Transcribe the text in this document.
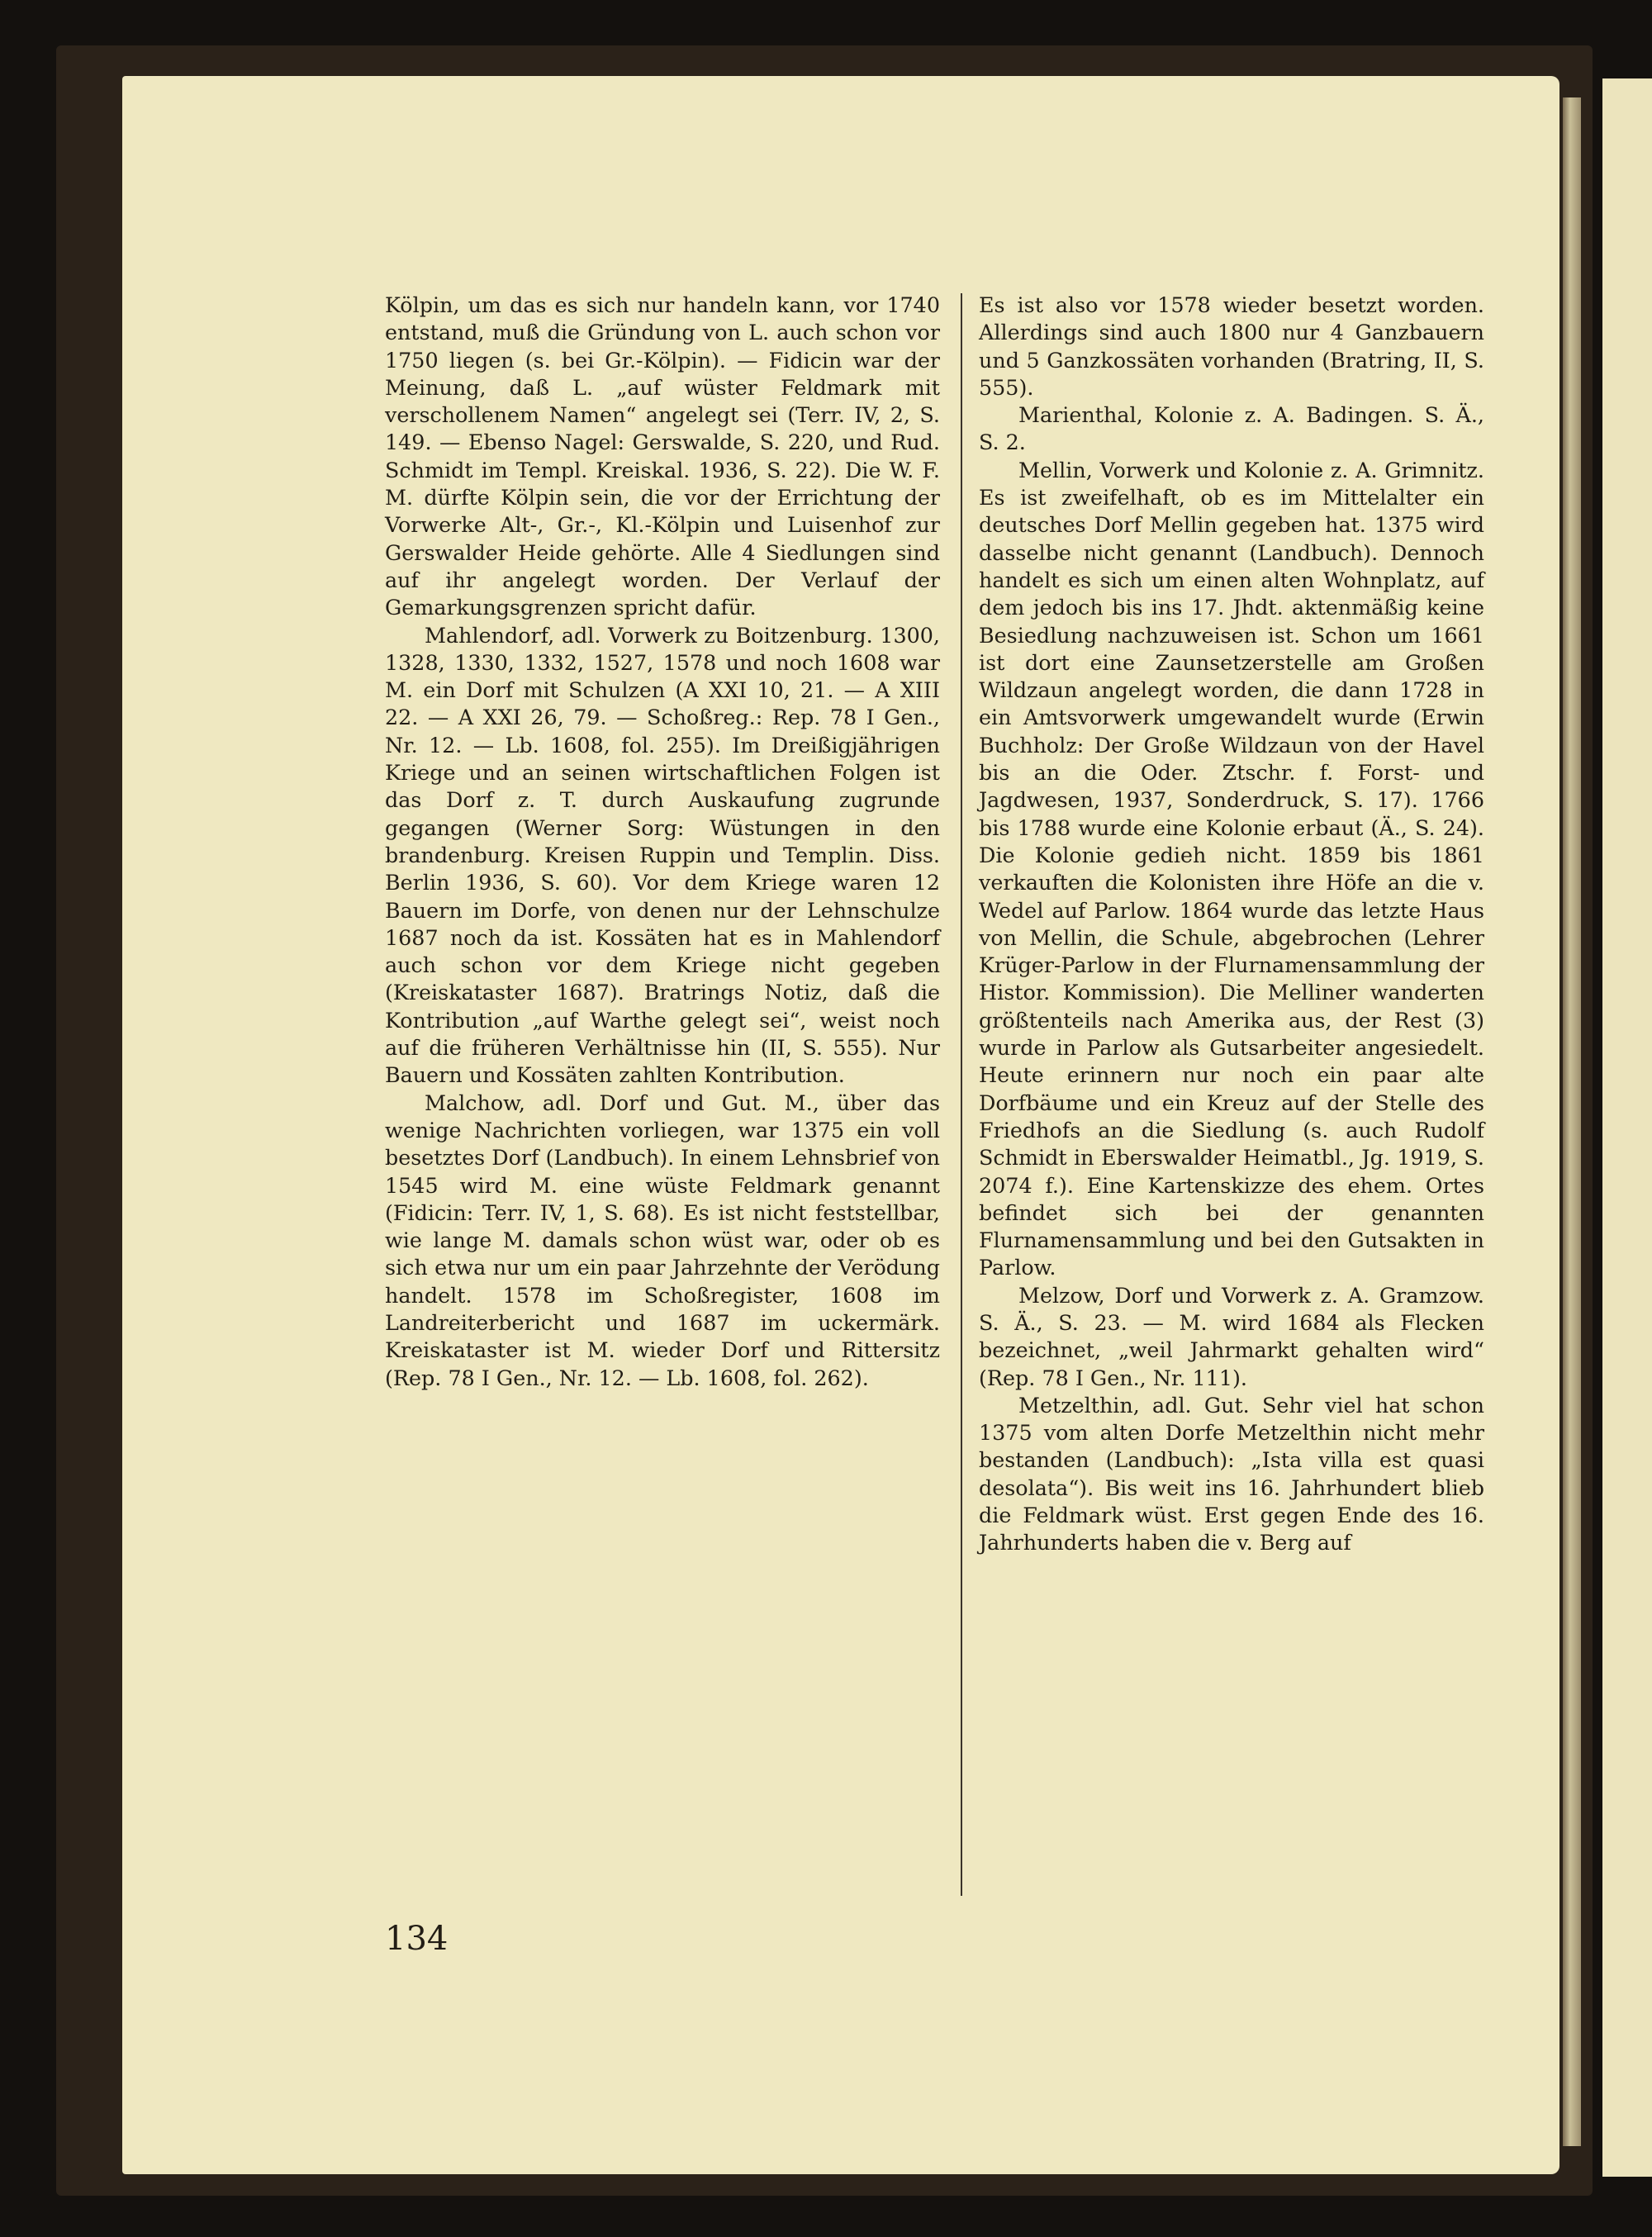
Kölpin, um das es sich nur handeln kann, vor 1740 entstand, muß die Gründung von L. auch schon vor 1750 liegen (s. bei Gr.-Kölpin). — Fidicin war der Meinung, daß L. „auf wüster Feldmark mit verschollenem Namen“ angelegt sei (Terr. IV, 2, S. 149. — Ebenso Nagel: Gerswalde, S. 220, und Rud. Schmidt im Templ. Kreiskal. 1936, S. 22). Die W. F. M. dürfte Kölpin sein, die vor der Errichtung der Vorwerke Alt-, Gr.-, Kl.-Kölpin und Luisenhof zur Gerswalder Heide gehörte. Alle 4 Siedlungen sind auf ihr angelegt worden. Der Verlauf der Gemarkungsgrenzen spricht dafür.

Mahlendorf, adl. Vorwerk zu Boitzenburg. 1300, 1328, 1330, 1332, 1527, 1578 und noch 1608 war M. ein Dorf mit Schulzen (A XXI 10, 21. — A XIII 22. — A XXI 26, 79. — Schoßreg.: Rep. 78 I Gen., Nr. 12. — Lb. 1608, fol. 255). Im Dreißigjährigen Kriege und an seinen wirtschaftlichen Folgen ist das Dorf z. T. durch Auskaufung zugrunde gegangen (Werner Sorg: Wüstungen in den brandenburg. Kreisen Ruppin und Templin. Diss. Berlin 1936, S. 60). Vor dem Kriege waren 12 Bauern im Dorfe, von denen nur der Lehnschulze 1687 noch da ist. Kossäten hat es in Mahlendorf auch schon vor dem Kriege nicht gegeben (Kreiskataster 1687). Bratrings Notiz, daß die Kontribution „auf Warthe gelegt sei“, weist noch auf die früheren Verhältnisse hin (II, S. 555). Nur Bauern und Kossäten zahlten Kontribution.

Malchow, adl. Dorf und Gut. M., über das wenige Nachrichten vorliegen, war 1375 ein voll besetztes Dorf (Landbuch). In einem Lehnsbrief von 1545 wird M. eine wüste Feldmark genannt (Fidicin: Terr. IV, 1, S. 68). Es ist nicht feststellbar, wie lange M. damals schon wüst war, oder ob es sich etwa nur um ein paar Jahrzehnte der Verödung handelt. 1578 im Schoßregister, 1608 im Landreiterbericht und 1687 im uckermärk. Kreiskataster ist M. wieder Dorf und Rittersitz (Rep. 78 I Gen., Nr. 12. — Lb. 1608, fol. 262).

Es ist also vor 1578 wieder besetzt worden. Allerdings sind auch 1800 nur 4 Ganzbauern und 5 Ganzkossäten vorhanden (Bratring, II, S. 555).

Marienthal, Kolonie z. A. Badingen. S. Ä., S. 2.

Mellin, Vorwerk und Kolonie z. A. Grimnitz. Es ist zweifelhaft, ob es im Mittelalter ein deutsches Dorf Mellin gegeben hat. 1375 wird dasselbe nicht genannt (Landbuch). Dennoch handelt es sich um einen alten Wohnplatz, auf dem jedoch bis ins 17. Jhdt. aktenmäßig keine Besiedlung nachzuweisen ist. Schon um 1661 ist dort eine Zaunsetzerstelle am Großen Wildzaun angelegt worden, die dann 1728 in ein Amtsvorwerk umgewandelt wurde (Erwin Buchholz: Der Große Wildzaun von der Havel bis an die Oder. Ztschr. f. Forst- und Jagdwesen, 1937, Sonderdruck, S. 17). 1766 bis 1788 wurde eine Kolonie erbaut (Ä., S. 24). Die Kolonie gedieh nicht. 1859 bis 1861 verkauften die Kolonisten ihre Höfe an die v. Wedel auf Parlow. 1864 wurde das letzte Haus von Mellin, die Schule, abgebrochen (Lehrer Krüger-Parlow in der Flurnamensammlung der Histor. Kommission). Die Melliner wanderten größtenteils nach Amerika aus, der Rest (3) wurde in Parlow als Gutsarbeiter angesiedelt. Heute erinnern nur noch ein paar alte Dorfbäume und ein Kreuz auf der Stelle des Friedhofs an die Siedlung (s. auch Rudolf Schmidt in Eberswalder Heimatbl., Jg. 1919, S. 2074 f.). Eine Kartenskizze des ehem. Ortes befindet sich bei der genannten Flurnamensammlung und bei den Gutsakten in Parlow.

Melzow, Dorf und Vorwerk z. A. Gramzow. S. Ä., S. 23. — M. wird 1684 als Flecken bezeichnet, „weil Jahrmarkt gehalten wird“ (Rep. 78 I Gen., Nr. 111).

Metzelthin, adl. Gut. Sehr viel hat schon 1375 vom alten Dorfe Metzelthin nicht mehr bestanden (Landbuch): „Ista villa est quasi desolata“). Bis weit ins 16. Jahrhundert blieb die Feldmark wüst. Erst gegen Ende des 16. Jahrhunderts haben die v. Berg auf

134
